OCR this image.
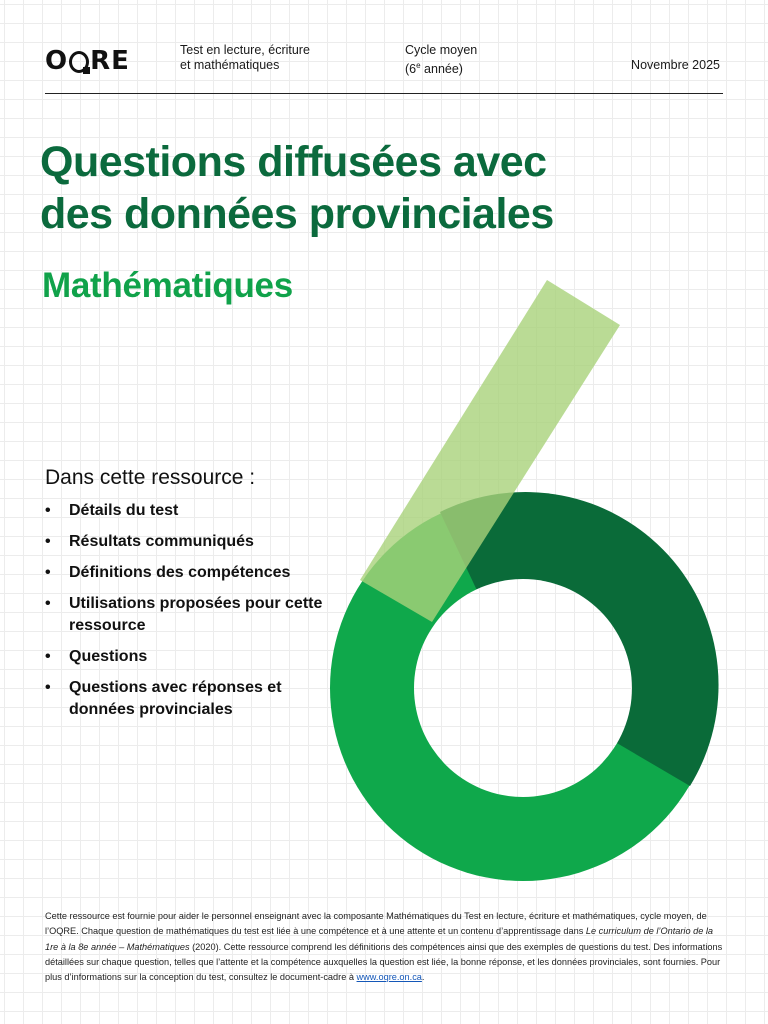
O RE	Test en lecture, écriture
et mathématiques
Cycle moyen
(6e année)	Novembre 2025
Questions diffusées avec
des données provinciales
Mathématiques
Dans cette ressource :
• Détails du test
• Résultats communiqués
• Définitions des compétences
• Utilisations proposées pour cette ressource
• Questions
• Questions avec réponses et données provinciales

Cette ressource est fournie pour aider le personnel enseignant avec la composante Mathématiques du Test en lecture, écriture et mathématiques, cycle moyen, de l’OQRE. Chaque question de mathématiques du test est liée à une compétence et à une attente et un contenu d’apprentissage dans Le curriculum de l’Ontario de la 1re à la 8e année – Mathématiques (2020). Cette ressource comprend les définitions des compétences ainsi que des exemples de questions du test. Des informations détaillées sur chaque question, telles que l’attente et la compétence auxquelles la question est liée, la bonne réponse, et les données provinciales, sont fournies. Pour plus d’informations sur la conception du test, consultez le document-cadre à www.oqre.on.ca.
